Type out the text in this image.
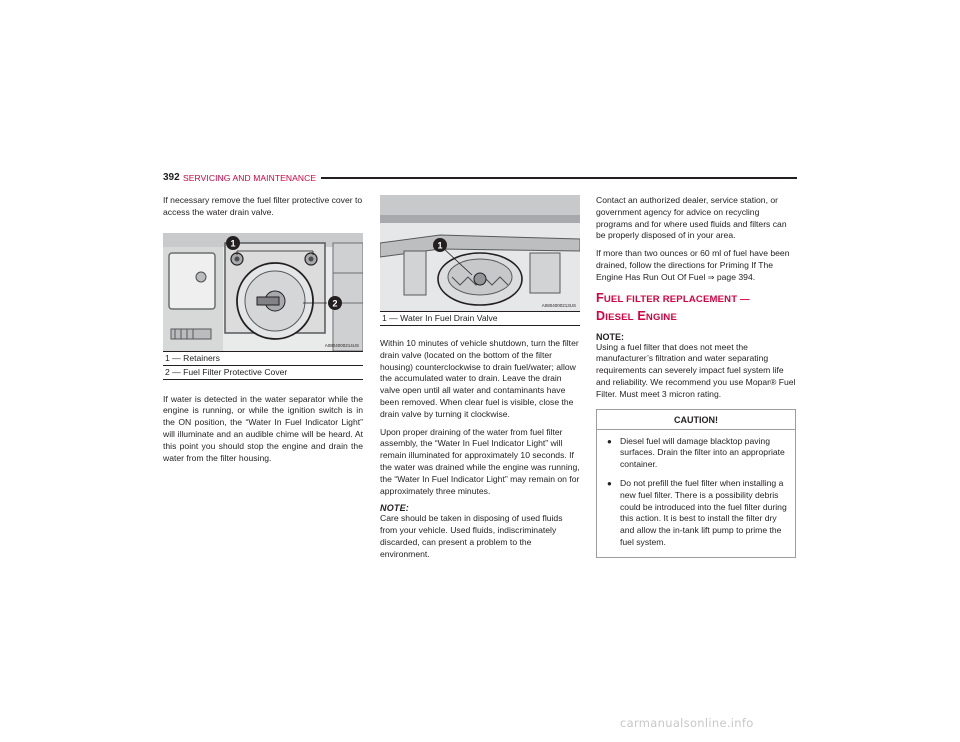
392 SERVICING AND MAINTENANCE

If necessary remove the fuel filter protective cover to access the water drain valve.

1
2
A0804000214US
1 — Retainers
2 — Fuel Filter Protective Cover

If water is detected in the water separator while the engine is running, or while the ignition switch is in the ON position, the “Water In Fuel Indicator Light” will illuminate and an audible chime will be heard. At this point you should stop the engine and drain the water from the filter housing.

1
A0804000213US
1 — Water In Fuel Drain Valve

Within 10 minutes of vehicle shutdown, turn the filter drain valve (located on the bottom of the filter housing) counterclockwise to drain fuel/water; allow the accumulated water to drain. Leave the drain valve open until all water and contaminants have been removed. When clear fuel is visible, close the drain valve by turning it clockwise.

Upon proper draining of the water from fuel filter assembly, the “Water In Fuel Indicator Light” will remain illuminated for approximately 10 seconds. If the water was drained while the engine was running, the “Water In Fuel Indicator Light” may remain on for approximately three minutes.

NOTE:

Care should be taken in disposing of used fluids from your vehicle. Used fluids, indiscriminately discarded, can present a problem to the environment.

Contact an authorized dealer, service station, or government agency for advice on recycling programs and for where used fluids and filters can be properly disposed of in your area.

If more than two ounces or 60 ml of fuel have been drained, follow the directions for Priming If The Engine Has Run Out Of Fuel ⇒ page 394.

FUEL FILTER REPLACEMENT —
DIESEL ENGINE
NOTE:

Using a fuel filter that does not meet the manufacturer’s filtration and water separating requirements can severely impact fuel system life and reliability. We recommend you use Mopar® Fuel Filter. Must meet 3 micron rating.

CAUTION!
● Diesel fuel will damage blacktop paving surfaces. Drain the filter into an appropriate container.
● Do not prefill the fuel filter when installing a new fuel filter. There is a possibility debris could be introduced into the fuel filter during this action. It is best to install the filter dry and allow the in-tank lift pump to prime the fuel system.
carmanualsonline.info
